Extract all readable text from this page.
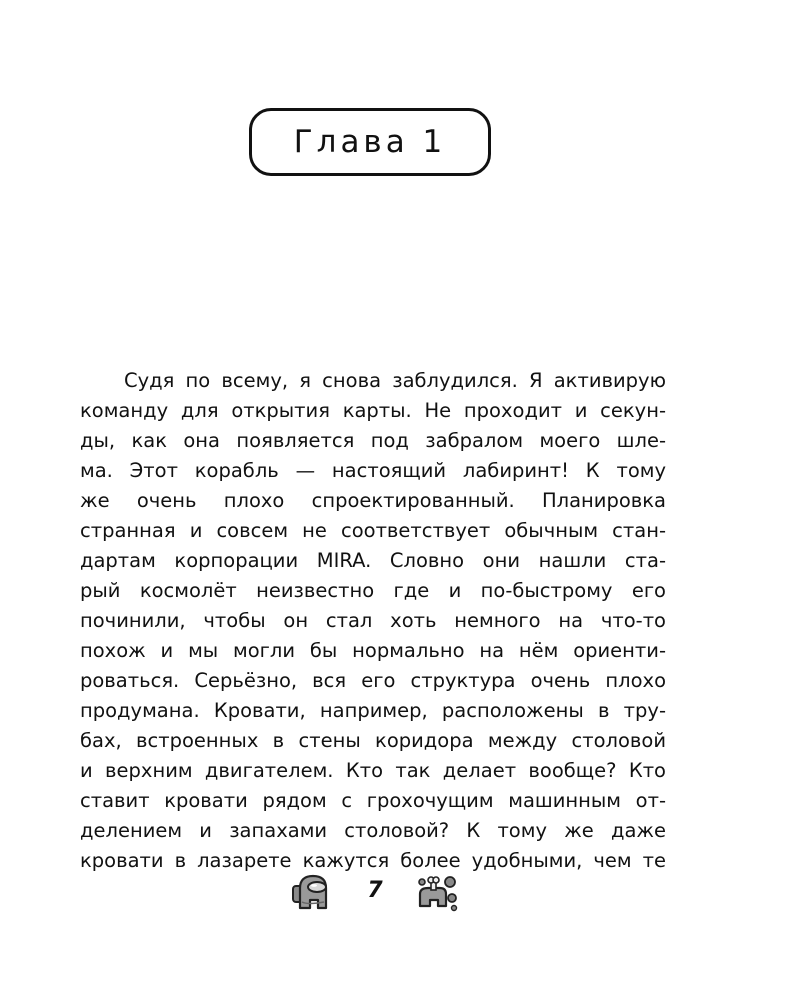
Глава 1
Судя по всему, я снова заблудился. Я активирую
команду для открытия карты. Не проходит и секун-
ды, как она появляется под забралом моего шле-
ма. Этот корабль — настоящий лабиринт! К тому
же очень плохо спроектированный. Планировка
странная и совсем не соответствует обычным стан-
дартам корпорации MIRA. Словно они нашли ста-
рый космолёт неизвестно где и по-быстрому его
починили, чтобы он стал хоть немного на что-то
похож и мы могли бы нормально на нём ориенти-
роваться. Серьёзно, вся его структура очень плохо
продумана. Кровати, например, расположены в тру-
бах, встроенных в стены коридора между столовой
и верхним двигателем. Кто так делает вообще? Кто
ставит кровати рядом с грохочущим машинным от-
делением и запахами столовой? К тому же даже
кровати в лазарете кажутся более удобными, чем те
7
